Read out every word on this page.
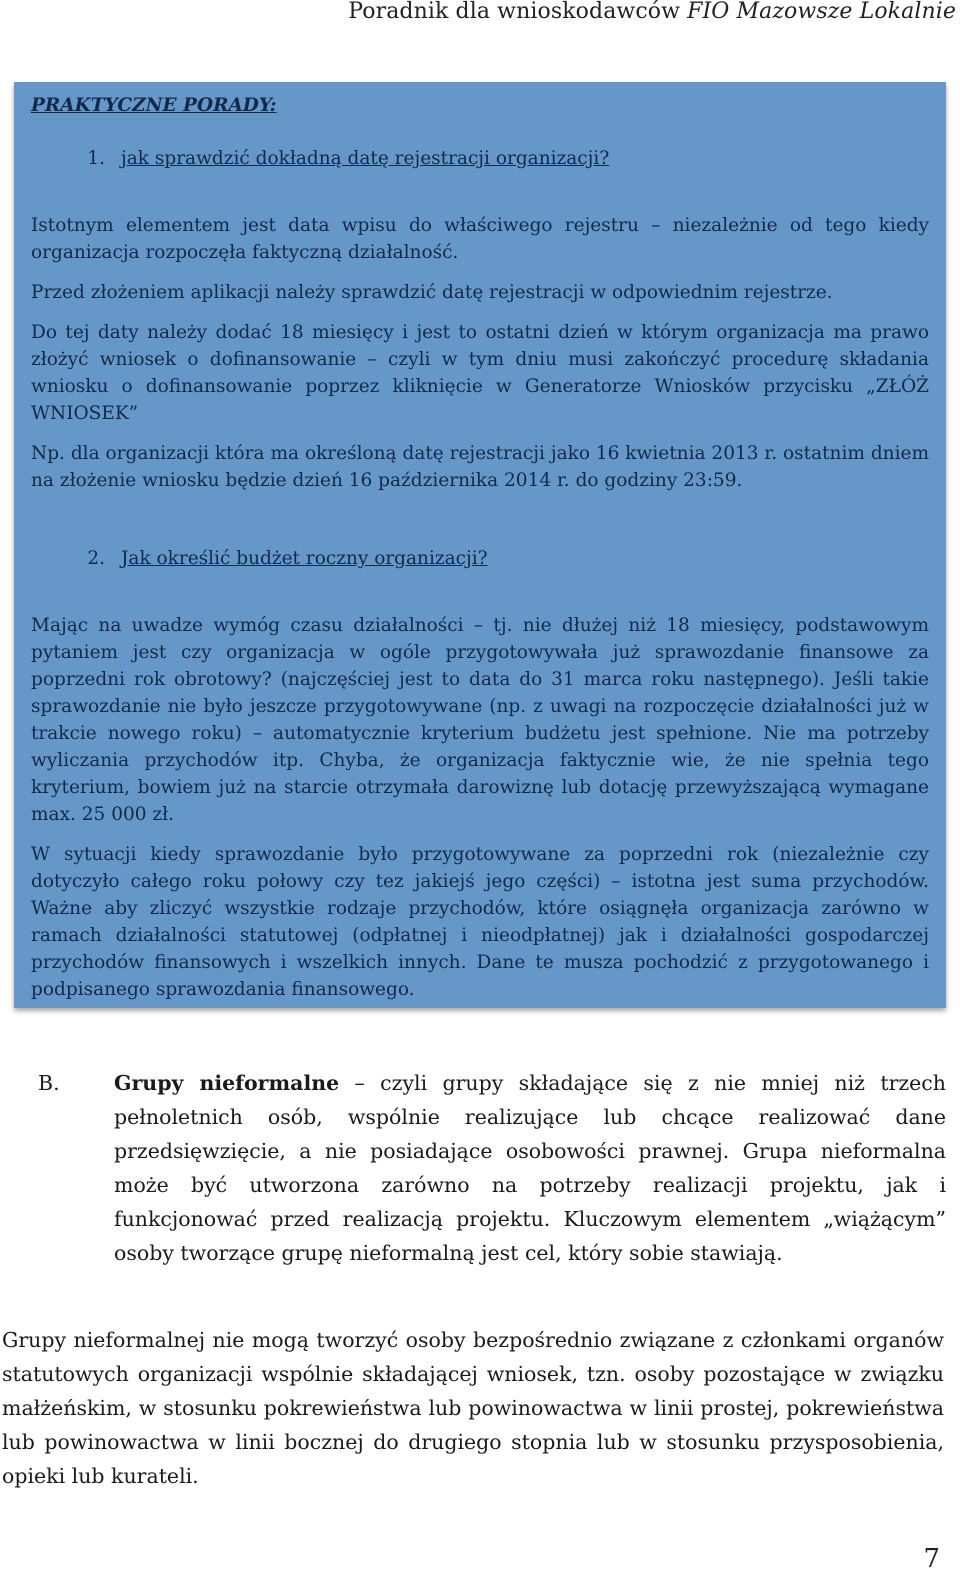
Poradnik dla wnioskodawców FIO Mazowsze Lokalnie
PRAKTYCZNE PORADY:
1. jak sprawdzić dokładną datę rejestracji organizacji?

Istotnym elementem jest data wpisu do właściwego rejestru – niezależnie od tego kiedy organizacja rozpoczęła faktyczną działalność.

Przed złożeniem aplikacji należy sprawdzić datę rejestracji w odpowiednim rejestrze.

Do tej daty należy dodać 18 miesięcy i jest to ostatni dzień w którym organizacja ma prawo złożyć wniosek o dofinansowanie – czyli w tym dniu musi zakończyć procedurę składania wniosku o dofinansowanie poprzez kliknięcie w Generatorze Wniosków przycisku „ZŁÓŻ WNIOSEK”

Np. dla organizacji która ma określoną datę rejestracji jako 16 kwietnia 2013 r. ostatnim dniem na złożenie wniosku będzie dzień 16 października 2014 r. do godziny 23:59.

2. Jak określić budżet roczny organizacji?

Mając na uwadze wymóg czasu działalności – tj. nie dłużej niż 18 miesięcy, podstawowym pytaniem jest czy organizacja w ogóle przygotowywała już sprawozdanie finansowe za poprzedni rok obrotowy? (najczęściej jest to data do 31 marca roku następnego). Jeśli takie sprawozdanie nie było jeszcze przygotowywane (np. z uwagi na rozpoczęcie działalności już w trakcie nowego roku) – automatycznie kryterium budżetu jest spełnione. Nie ma potrzeby wyliczania przychodów itp. Chyba, że organizacja faktycznie wie, że nie spełnia tego kryterium, bowiem już na starcie otrzymała darowiznę lub dotację przewyższającą wymagane max. 25 000 zł.

W sytuacji kiedy sprawozdanie było przygotowywane za poprzedni rok (niezależnie czy dotyczyło całego roku połowy czy tez jakiejś jego części) – istotna jest suma przychodów. Ważne aby zliczyć wszystkie rodzaje przychodów, które osiągnęła organizacja zarówno w ramach działalności statutowej (odpłatnej i nieodpłatnej) jak i działalności gospodarczej przychodów finansowych i wszelkich innych. Dane te musza pochodzić z przygotowanego i podpisanego sprawozdania finansowego.

B.	Grupy nieformalne – czyli grupy składające się z nie mniej niż trzech pełnoletnich osób, wspólnie realizujące lub chcące realizować dane przedsięwzięcie, a nie posiadające osobowości prawnej. Grupa nieformalna może być utworzona zarówno na potrzeby realizacji projektu, jak i funkcjonować przed realizacją projektu. Kluczowym elementem „wiążącym” osoby tworzące grupę nieformalną jest cel, który sobie stawiają.

Grupy nieformalnej nie mogą tworzyć osoby bezpośrednio związane z członkami organów statutowych organizacji wspólnie składającej wniosek, tzn. osoby pozostające w związku małżeńskim, w stosunku pokrewieństwa lub powinowactwa w linii prostej, pokrewieństwa lub powinowactwa w linii bocznej do drugiego stopnia lub w stosunku przysposobienia, opieki lub kurateli.

7
